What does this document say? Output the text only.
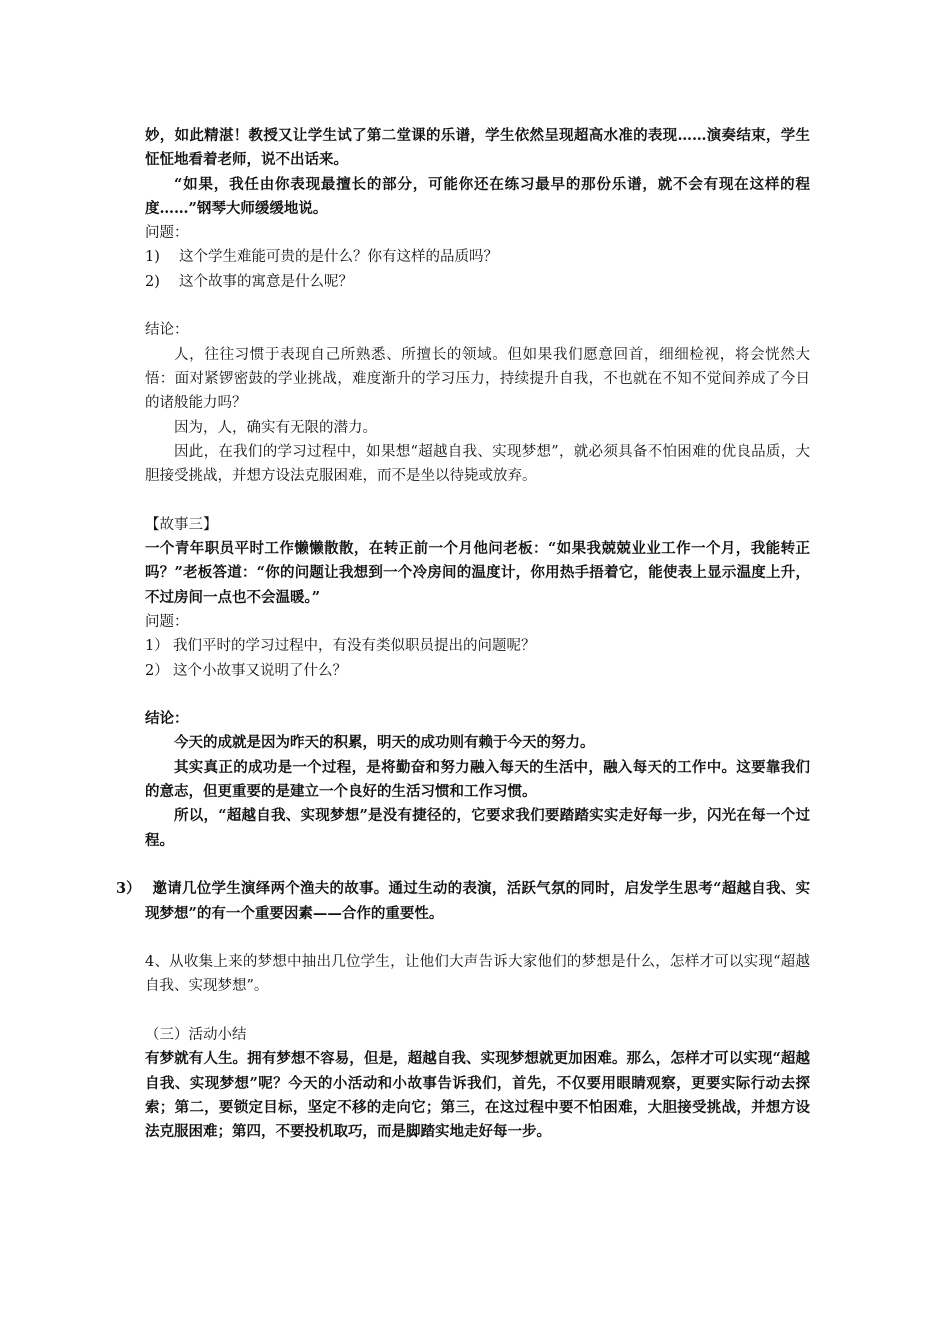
妙，如此精湛！教授又让学生试了第二堂课的乐谱，学生依然呈现超高水准的表现……演奏结束，学生怔怔地看着老师，说不出话来。

“如果，我任由你表现最擅长的部分，可能你还在练习最早的那份乐谱，就不会有现在这样的程度……”钢琴大师缓缓地说。

问题：

1)	这个学生难能可贵的是什么？你有这样的品质吗？
2)	这个故事的寓意是什么呢？

结论：

人，往往习惯于表现自己所熟悉、所擅长的领域。但如果我们愿意回首，细细检视，将会恍然大悟：面对紧锣密鼓的学业挑战，难度渐升的学习压力，持续提升自我，不也就在不知不觉间养成了今日的诸般能力吗？

因为，人，确实有无限的潜力。

因此，在我们的学习过程中，如果想“超越自我、实现梦想”，就必须具备不怕困难的优良品质，大胆接受挑战，并想方设法克服困难，而不是坐以待毙或放弃。

【故事三】

一个青年职员平时工作懒懒散散，在转正前一个月他问老板：“如果我兢兢业业工作一个月，我能转正吗？”老板答道：“你的问题让我想到一个冷房间的温度计，你用热手捂着它，能使表上显示温度上升，不过房间一点也不会温暖。”

问题：

1） 我们平时的学习过程中，有没有类似职员提出的问题呢？
2） 这个小故事又说明了什么？

结论：

今天的成就是因为昨天的积累，明天的成功则有赖于今天的努力。

其实真正的成功是一个过程，是将勤奋和努力融入每天的生活中，融入每天的工作中。这要靠我们的意志，但更重要的是建立一个良好的生活习惯和工作习惯。

所以，“超越自我、实现梦想”是没有捷径的，它要求我们要踏踏实实走好每一步，闪光在每一个过程。

3） 邀请几位学生演绎两个渔夫的故事。通过生动的表演，活跃气氛的同时，启发学生思考“超越自我、实现梦想”的有一个重要因素——合作的重要性。

4、从收集上来的梦想中抽出几位学生，让他们大声告诉大家他们的梦想是什么，怎样才可以实现“超越自我、实现梦想”。

（三）活动小结

有梦就有人生。拥有梦想不容易，但是，超越自我、实现梦想就更加困难。那么，怎样才可以实现“超越自我、实现梦想”呢？今天的小活动和小故事告诉我们，首先，不仅要用眼睛观察，更要实际行动去探索；第二，要锁定目标，坚定不移的走向它；第三，在这过程中要不怕困难，大胆接受挑战，并想方设法克服困难；第四，不要投机取巧，而是脚踏实地走好每一步。
